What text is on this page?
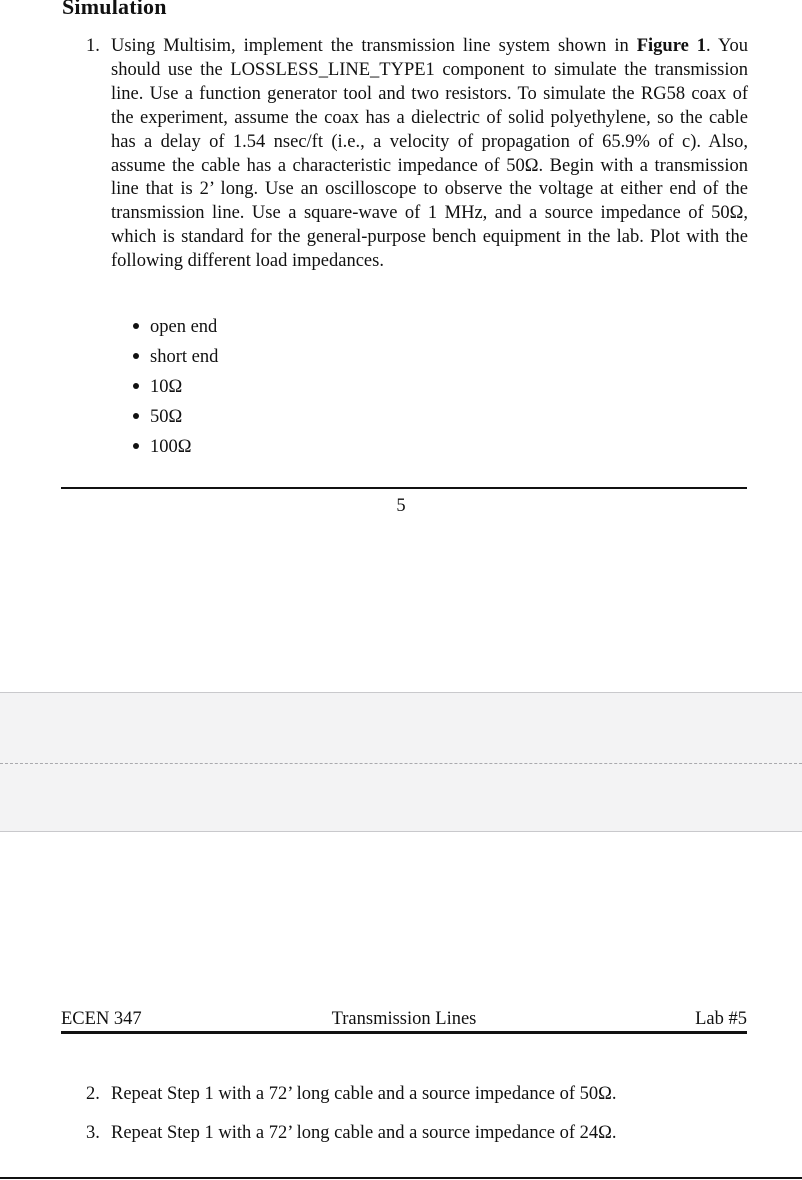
Simulation
1. Using Multisim, implement the transmission line system shown in Figure 1. You should use the LOSSLESS_LINE_TYPE1 component to simulate the transmission line. Use a function generator tool and two resistors. To simulate the RG58 coax of the experiment, assume the coax has a dielectric of solid polyethylene, so the cable has a delay of 1.54 nsec/ft (i.e., a velocity of propagation of 65.9% of c). Also, assume the cable has a characteristic impedance of 50Ω. Begin with a transmission line that is 2’ long. Use an oscilloscope to observe the voltage at either end of the transmission line. Use a square-wave of 1 MHz, and a source impedance of 50Ω, which is standard for the general-purpose bench equipment in the lab. Plot with the following different load impedances.
open end
short end
10Ω
50Ω
100Ω
5
ECEN 347	Transmission Lines	Lab #5
2. Repeat Step 1 with a 72’ long cable and a source impedance of 50Ω.
3. Repeat Step 1 with a 72’ long cable and a source impedance of 24Ω.
